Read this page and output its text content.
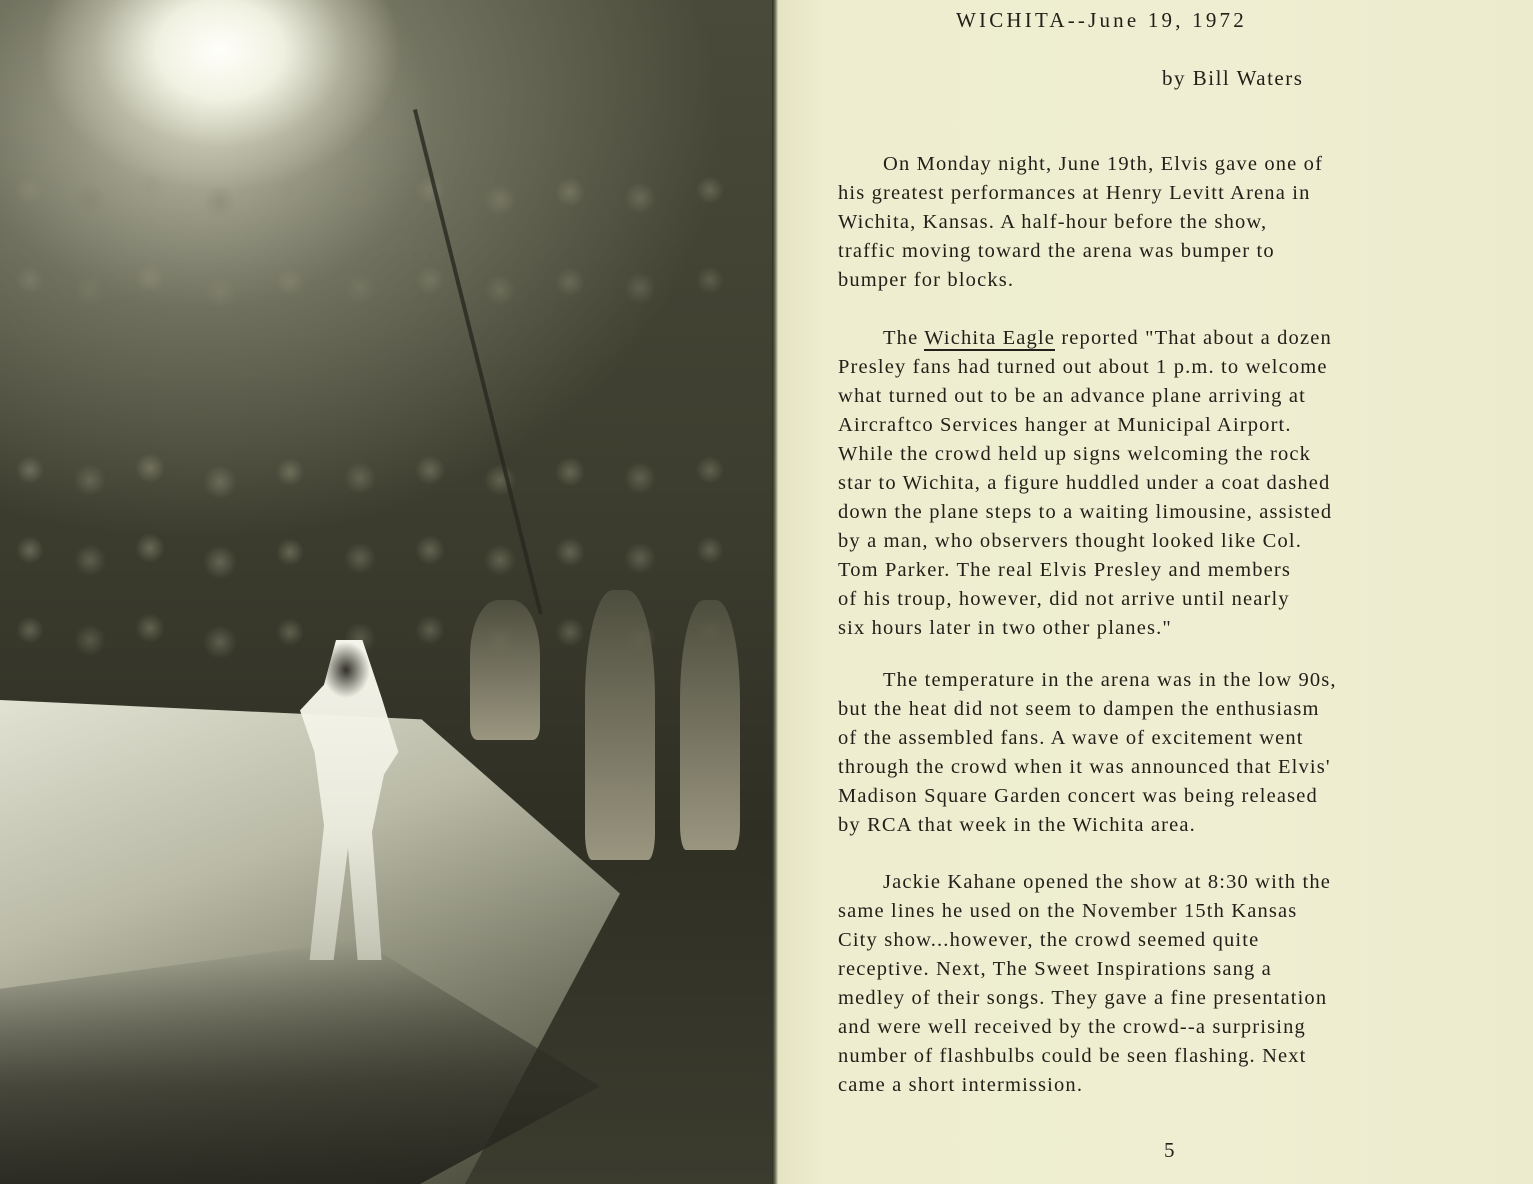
WICHITA--June 19, 1972
by Bill Waters

On Monday night, June 19th, Elvis gave one of
his greatest performances at Henry Levitt Arena in
Wichita, Kansas. A half-hour before the show,
traffic moving toward the arena was bumper to
bumper for blocks.

The Wichita Eagle reported "That about a dozen
Presley fans had turned out about 1 p.m. to welcome
what turned out to be an advance plane arriving at
Aircraftco Services hanger at Municipal Airport.
While the crowd held up signs welcoming the rock
star to Wichita, a figure huddled under a coat dashed
down the plane steps to a waiting limousine, assisted
by a man, who observers thought looked like Col.
Tom Parker. The real Elvis Presley and members
of his troup, however, did not arrive until nearly
six hours later in two other planes."

The temperature in the arena was in the low 90s,
but the heat did not seem to dampen the enthusiasm
of the assembled fans. A wave of excitement went
through the crowd when it was announced that Elvis'
Madison Square Garden concert was being released
by RCA that week in the Wichita area.

Jackie Kahane opened the show at 8:30 with the
same lines he used on the November 15th Kansas
City show...however, the crowd seemed quite
receptive. Next, The Sweet Inspirations sang a
medley of their songs. They gave a fine presentation
and were well received by the crowd--a surprising
number of flashbulbs could be seen flashing. Next
came a short intermission.

5
